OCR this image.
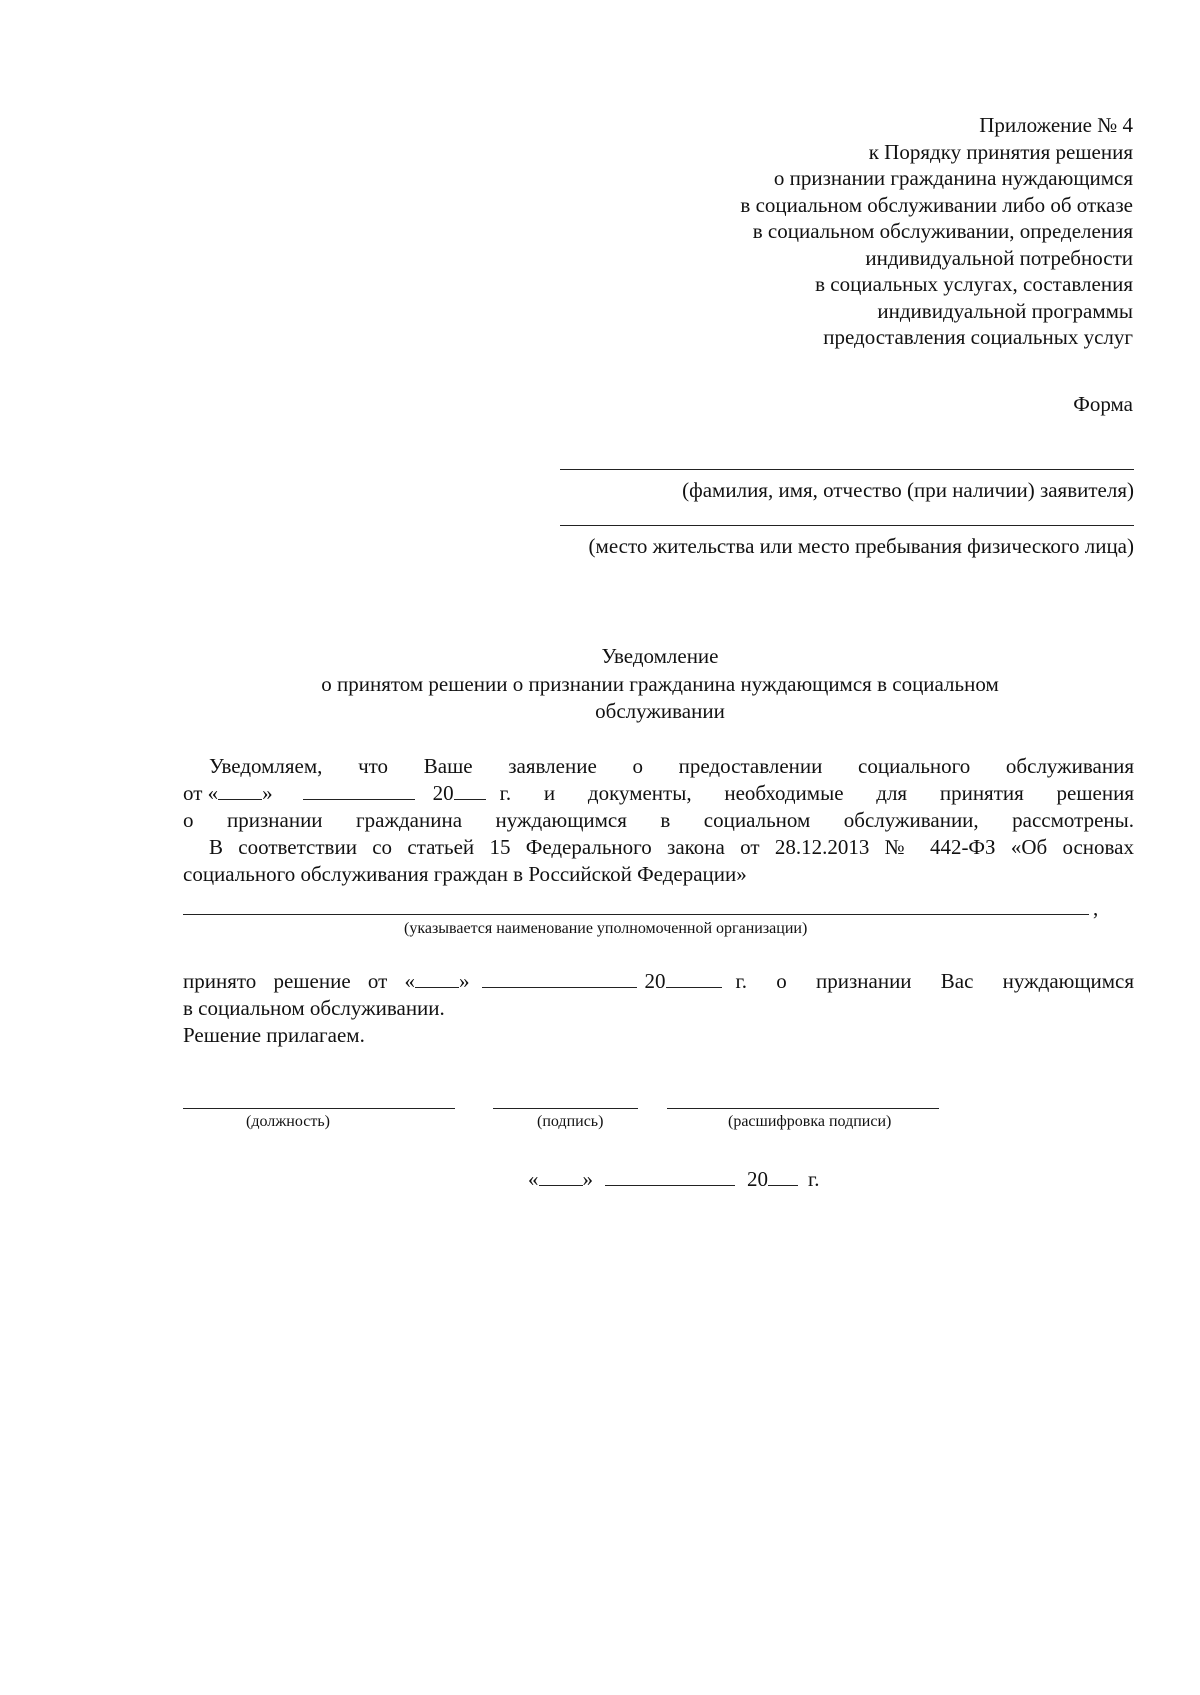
Приложение № 4
к Порядку принятия решения
о признании гражданина нуждающимся
в социальном обслуживании либо об отказе
в социальном обслуживании, определения
индивидуальной потребности
в социальных услугах, составления
индивидуальной программы
предоставления социальных услуг
Форма
(фамилия, имя, отчество (при наличии) заявителя)
(место жительства или место пребывания физического лица)
Уведомление
о принятом решении о признании гражданина нуждающимся в социальном
обслуживании
Уведомляем, что Ваше заявление о предоставлении социального обслуживания
от « »	20 г. и документы, необходимые для принятия решения
о признании гражданина нуждающимся в социальном обслуживании, рассмотрены.
В соответствии со статьей 15 Федерального закона от 28.12.2013 № 442-ФЗ «Об основах
социального обслуживания граждан в Российской Федерации»
,
(указывается наименование уполномоченной организации)
принято решение от « »	20	г. о признании Вас нуждающимся
в социальном обслуживании.
Решение прилагаем.
(должность)	(подпись)	(расшифровка подписи)
« »	20 г.
